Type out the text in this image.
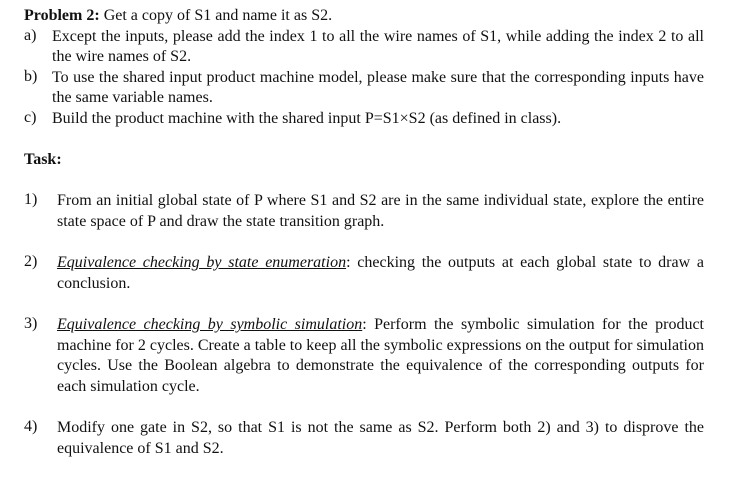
Problem 2: Get a copy of S1 and name it as S2.
a) Except the inputs, please add the index 1 to all the wire names of S1, while adding the index 2 to all the wire names of S2.
b) To use the shared input product machine model, please make sure that the corresponding inputs have the same variable names.
c) Build the product machine with the shared input P=S1×S2 (as defined in class).
Task:
1)	From an initial global state of P where S1 and S2 are in the same individual state, explore the entire state space of P and draw the state transition graph.
2)	Equivalence checking by state enumeration: checking the outputs at each global state to draw a conclusion.
3)	Equivalence checking by symbolic simulation: Perform the symbolic simulation for the product machine for 2 cycles. Create a table to keep all the symbolic expressions on the output for simulation cycles. Use the Boolean algebra to demonstrate the equivalence of the corresponding outputs for each simulation cycle.
4)	Modify one gate in S2, so that S1 is not the same as S2. Perform both 2) and 3) to disprove the equivalence of S1 and S2.
